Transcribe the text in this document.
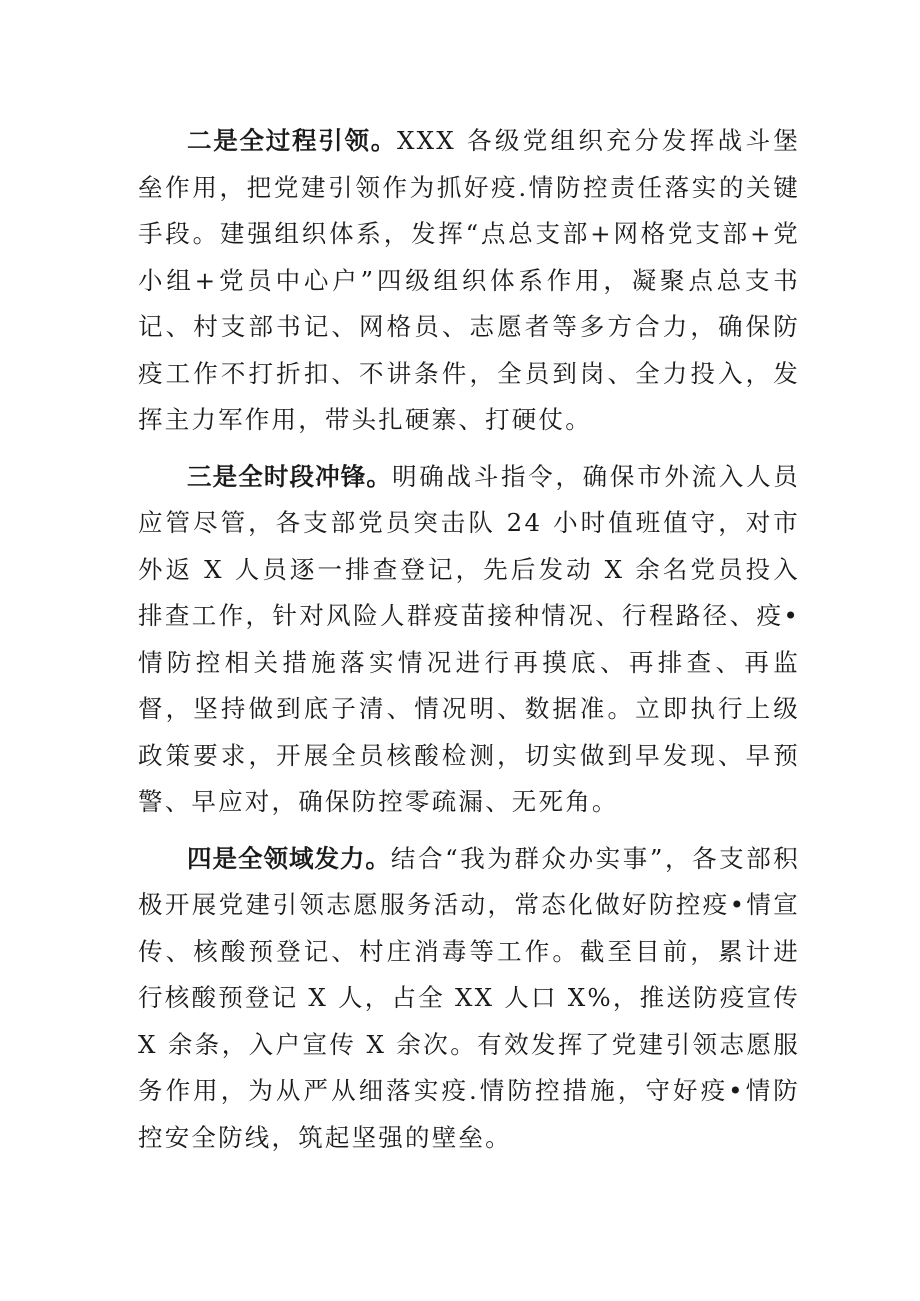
二是全过程引领。XXX 各级党组织充分发挥战斗堡垒作用，把党建引领作为抓好疫.情防控责任落实的关键手段。建强组织体系，发挥“点总支部+网格党支部+党小组+党员中心户”四级组织体系作用，凝聚点总支书记、村支部书记、网格员、志愿者等多方合力，确保防疫工作不打折扣、不讲条件，全员到岗、全力投入，发挥主力军作用，带头扎硬寨、打硬仗。

三是全时段冲锋。明确战斗指令，确保市外流入人员应管尽管，各支部党员突击队 24 小时值班值守，对市外返 X 人员逐一排查登记，先后发动 X 余名党员投入排查工作，针对风险人群疫苗接种情况、行程路径、疫•情防控相关措施落实情况进行再摸底、再排查、再监督，坚持做到底子清、情况明、数据准。立即执行上级政策要求，开展全员核酸检测，切实做到早发现、早预警、早应对，确保防控零疏漏、无死角。

四是全领域发力。结合“我为群众办实事”，各支部积极开展党建引领志愿服务活动，常态化做好防控疫•情宣传、核酸预登记、村庄消毒等工作。截至目前，累计进行核酸预登记 X 人，占全 XX 人口 X%，推送防疫宣传 X 余条，入户宣传 X 余次。有效发挥了党建引领志愿服务作用，为从严从细落实疫.情防控措施，守好疫•情防控安全防线，筑起坚强的壁垒。
